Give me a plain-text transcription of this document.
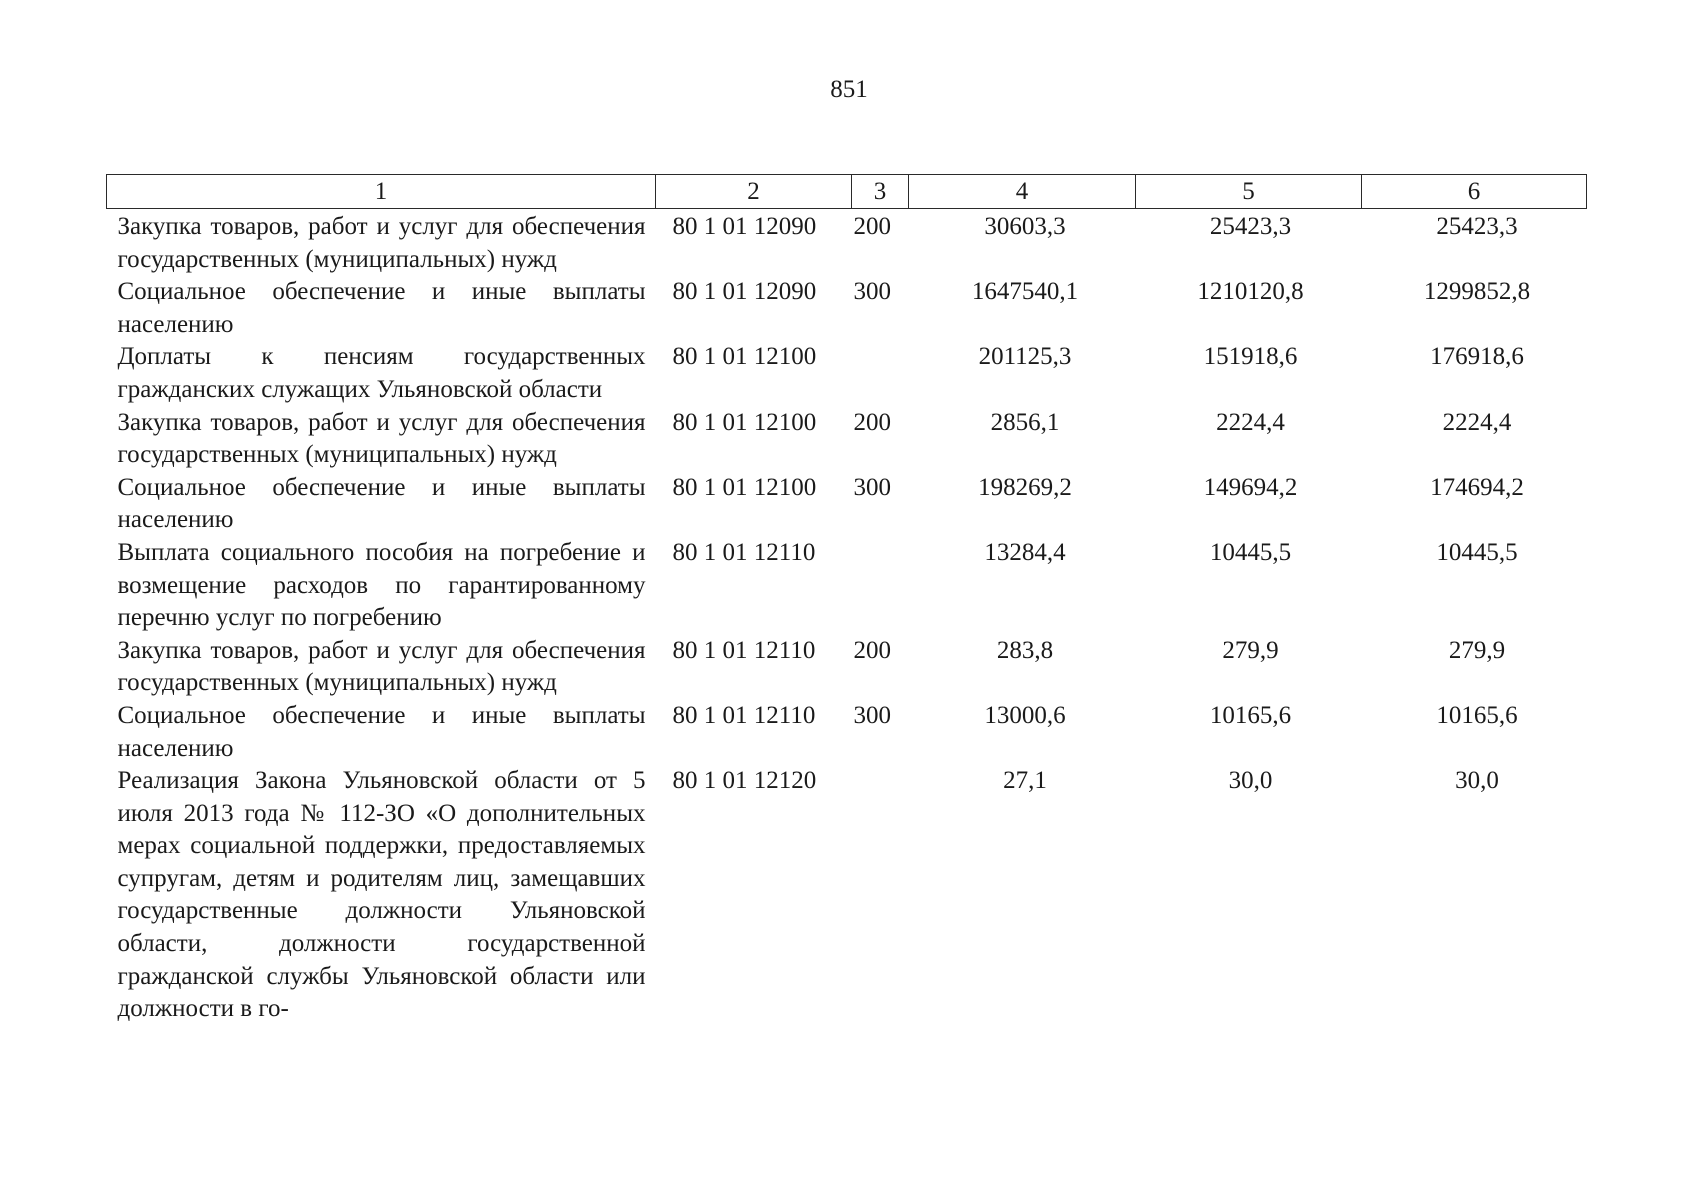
851
1	2	3	4	5	6
Закупка товаров, работ и услуг для обеспечения государственных (муниципальных) нужд	80 1 01 12090	200	30603,3	25423,3	25423,3
Социальное обеспечение и иные выплаты населению	80 1 01 12090	300	1647540,1	1210120,8	1299852,8
Доплаты к пенсиям государственных гражданских служащих Ульяновской области	80 1 01 12100		201125,3	151918,6	176918,6
Закупка товаров, работ и услуг для обеспечения государственных (муниципальных) нужд	80 1 01 12100	200	2856,1	2224,4	2224,4
Социальное обеспечение и иные выплаты населению	80 1 01 12100	300	198269,2	149694,2	174694,2
Выплата социального пособия на погребение и возмещение расходов по гарантированному перечню услуг по погребению	80 1 01 12110		13284,4	10445,5	10445,5
Закупка товаров, работ и услуг для обеспечения государственных (муниципальных) нужд	80 1 01 12110	200	283,8	279,9	279,9
Социальное обеспечение и иные выплаты населению	80 1 01 12110	300	13000,6	10165,6	10165,6
Реализация Закона Ульяновской области от 5 июля 2013 года № 112-ЗО «О дополнительных мерах социальной поддержки, предоставляемых супругам, детям и родителям лиц, замещавших государственные должности Ульяновской области, должности государственной гражданской службы Ульяновской области или должности в го-	80 1 01 12120		27,1	30,0	30,0
